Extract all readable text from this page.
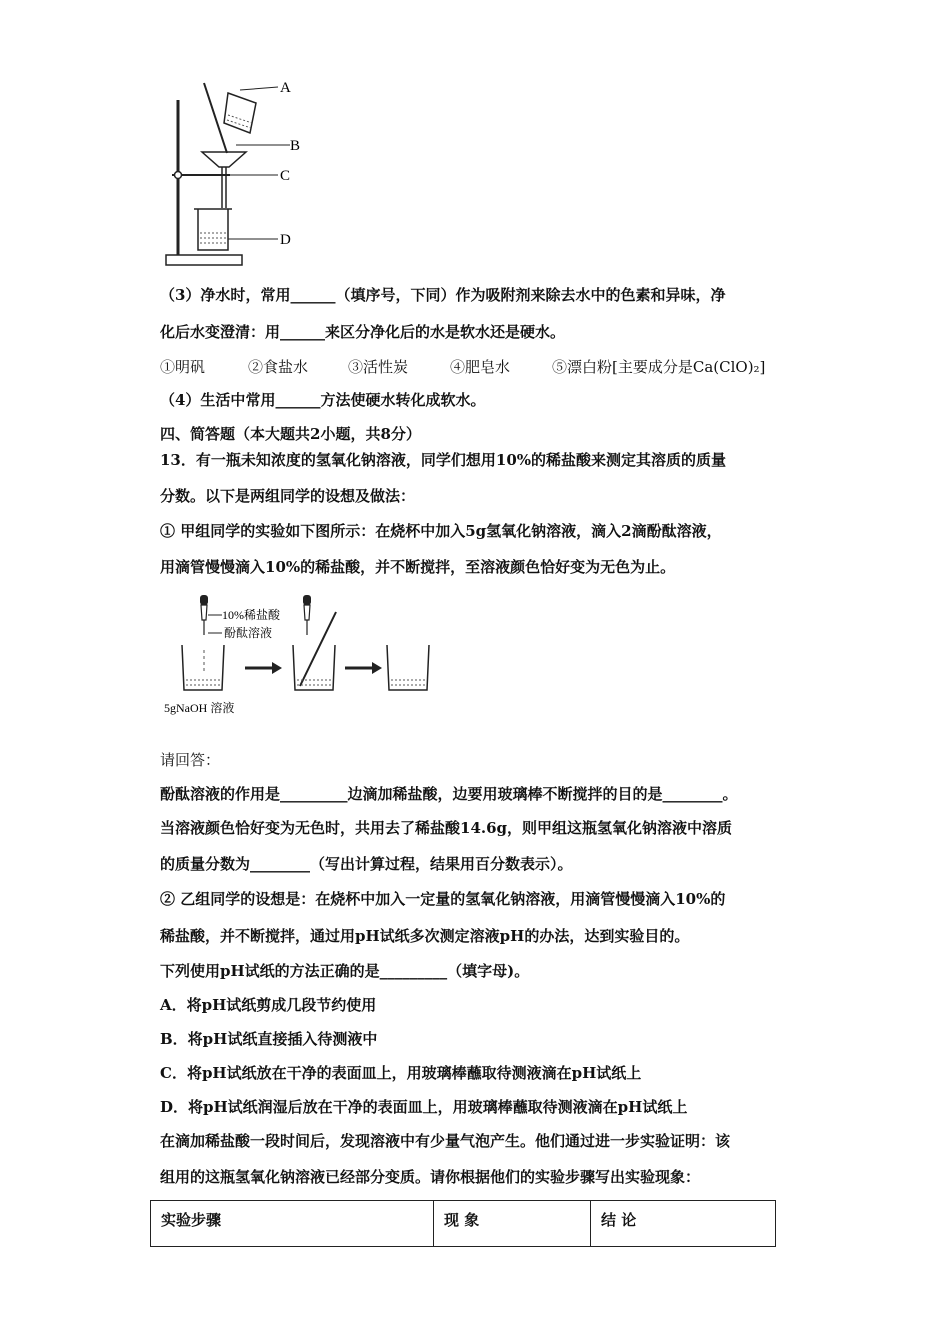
A
B
C
D
（3）净水时，常用______（填序号，下同）作为吸附剂来除去水中的色素和异味，净
化后水变澄清：用______来区分净化后的水是软水还是硬水。
①明矾	②食盐水	③活性炭	④肥皂水	⑤漂白粉[主要成分是Ca(ClO)₂]
（4）生活中常用______方法使硬水转化成软水。
四、简答题（本大题共2小题，共8分）
13．有一瓶未知浓度的氢氧化钠溶液，同学们想用10%的稀盐酸来测定其溶质的质量
分数。以下是两组同学的设想及做法：
① 甲组同学的实验如下图所示：在烧杯中加入5g氢氧化钠溶液，滴入2滴酚酞溶液，
用滴管慢慢滴入10%的稀盐酸，并不断搅拌，至溶液颜色恰好变为无色为止。
10%稀盐酸
酚酞溶液
5gNaOH 溶液
请回答：
酚酞溶液的作用是_________边滴加稀盐酸，边要用玻璃棒不断搅拌的目的是________。
当溶液颜色恰好变为无色时，共用去了稀盐酸14.6g，则甲组这瓶氢氧化钠溶液中溶质
的质量分数为________（写出计算过程，结果用百分数表示）。
② 乙组同学的设想是：在烧杯中加入一定量的氢氧化钠溶液，用滴管慢慢滴入10%的
稀盐酸，并不断搅拌，通过用pH试纸多次测定溶液pH的办法，达到实验目的。
下列使用pH试纸的方法正确的是_________（填字母)。
A．将pH试纸剪成几段节约使用
B．将pH试纸直接插入待测液中
C．将pH试纸放在干净的表面皿上，用玻璃棒蘸取待测液滴在pH试纸上
D．将pH试纸润湿后放在干净的表面皿上，用玻璃棒蘸取待测液滴在pH试纸上
在滴加稀盐酸一段时间后，发现溶液中有少量气泡产生。他们通过进一步实验证明：该
组用的这瓶氢氧化钠溶液已经部分变质。请你根据他们的实验步骤写出实验现象：
实验步骤	现 象	结 论
